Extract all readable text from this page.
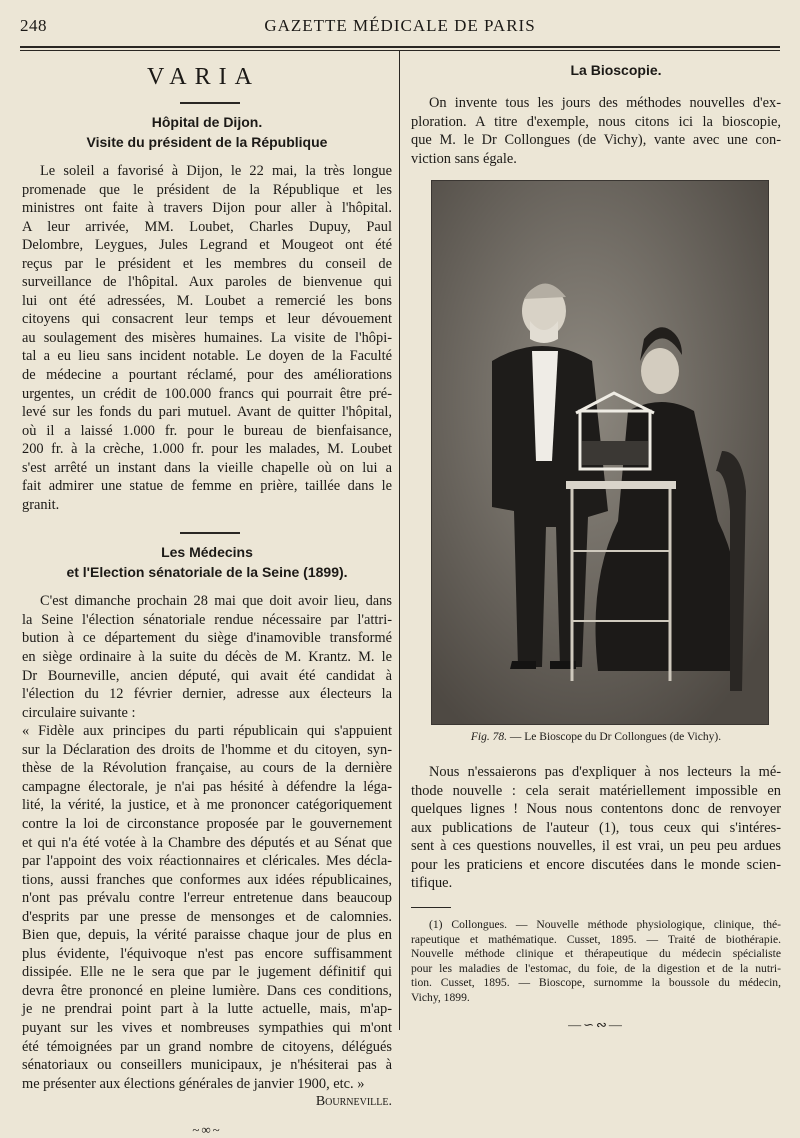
248	GAZETTE MÉDICALE DE PARIS
VARIA
Hôpital de Dijon.
Visite du président de la République

Le soleil a favorisé à Dijon, le 22 mai, la très longue

promenade que le président de la République et les

ministres ont faite à travers Dijon pour aller à l'hôpital.

A leur arrivée, MM. Loubet, Charles Dupuy, Paul

Delombre, Leygues, Jules Legrand et Mougeot ont été

reçus par le président et les membres du conseil de

surveillance de l'hôpital. Aux paroles de bienvenue qui

lui ont été adressées, M. Loubet a remercié les bons

citoyens qui consacrent leur temps et leur dévouement

au soulagement des misères humaines. La visite de l'hôpi-

tal a eu lieu sans incident notable. Le doyen de la Faculté

de médecine a pourtant réclamé, pour des améliorations

urgentes, un crédit de 100.000 francs qui pourrait être pré-

levé sur les fonds du pari mutuel. Avant de quitter l'hôpital,

où il a laissé 1.000 fr. pour le bureau de bienfaisance,

200 fr. à la crèche, 1.000 fr. pour les malades, M. Loubet

s'est arrêté un instant dans la vieille chapelle où on lui a

fait admirer une statue de femme en prière, taillée dans le

granit.

Les Médecins
et l'Election sénatoriale de la Seine (1899).

C'est dimanche prochain 28 mai que doit avoir lieu, dans

la Seine l'élection sénatoriale rendue nécessaire par l'attri-

bution à ce département du siège d'inamovible transformé

en siège ordinaire à la suite du décès de M. Krantz. M. le

Dr Bourneville, ancien député, qui avait été candidat à

l'élection du 12 février dernier, adresse aux électeurs la

circulaire suivante :

« Fidèle aux principes du parti républicain qui s'appuient

sur la Déclaration des droits de l'homme et du citoyen, syn-

thèse de la Révolution française, au cours de la dernière

campagne électorale, je n'ai pas hésité à défendre la léga-

lité, la vérité, la justice, et à me prononcer catégoriquement

contre la loi de circonstance proposée par le gouvernement

et qui n'a été votée à la Chambre des députés et au Sénat que

par l'appoint des voix réactionnaires et cléricales. Mes décla-

tions, aussi franches que conformes aux idées républicaines,

n'ont pas prévalu contre l'erreur entretenue dans beaucoup

d'esprits par une presse de mensonges et de calomnies.

Bien que, depuis, la vérité paraisse chaque jour de plus en

plus évidente, l'équivoque n'est pas encore suffisamment

dissipée. Elle ne le sera que par le jugement définitif qui

devra être prononcé en pleine lumière. Dans ces conditions,

je ne prendrai point part à la lutte actuelle, mais, m'ap-

puyant sur les vives et nombreuses sympathies qui m'ont

été témoignées par un grand nombre de citoyens, délégués

sénatoriaux ou conseillers municipaux, je n'hésiterai pas à

me présenter aux élections générales de janvier 1900, etc. »

Bourneville.
~∞~
La Bioscopie.

On invente tous les jours des méthodes nouvelles d'ex-

ploration. A titre d'exemple, nous citons ici la bioscopie,

que M. le Dr Collongues (de Vichy), vante avec une con-

viction sans égale.

Fig. 78. — Le Bioscope du Dr Collongues (de Vichy).

Nous n'essaierons pas d'expliquer à nos lecteurs la mé-

thode nouvelle : cela serait matériellement impossible en

quelques lignes ! Nous nous contentons donc de renvoyer

aux publications de l'auteur (1), tous ceux qui s'intéres-

sent à ces questions nouvelles, il est vrai, un peu peu ardues

pour les praticiens et encore discutées dans le monde scien-

tifique.

(1) Collongues. — Nouvelle méthode physiologique, clinique, thé-

rapeutique et mathématique. Cusset, 1895. — Traité de biothérapie.

Nouvelle méthode clinique et thérapeutique du médecin spécialiste

pour les maladies de l'estomac, du foie, de la digestion et de la nutri-

tion. Cusset, 1895. — Bioscope, surnomme la boussole du médecin,

Vichy, 1899.

—∽∾—
